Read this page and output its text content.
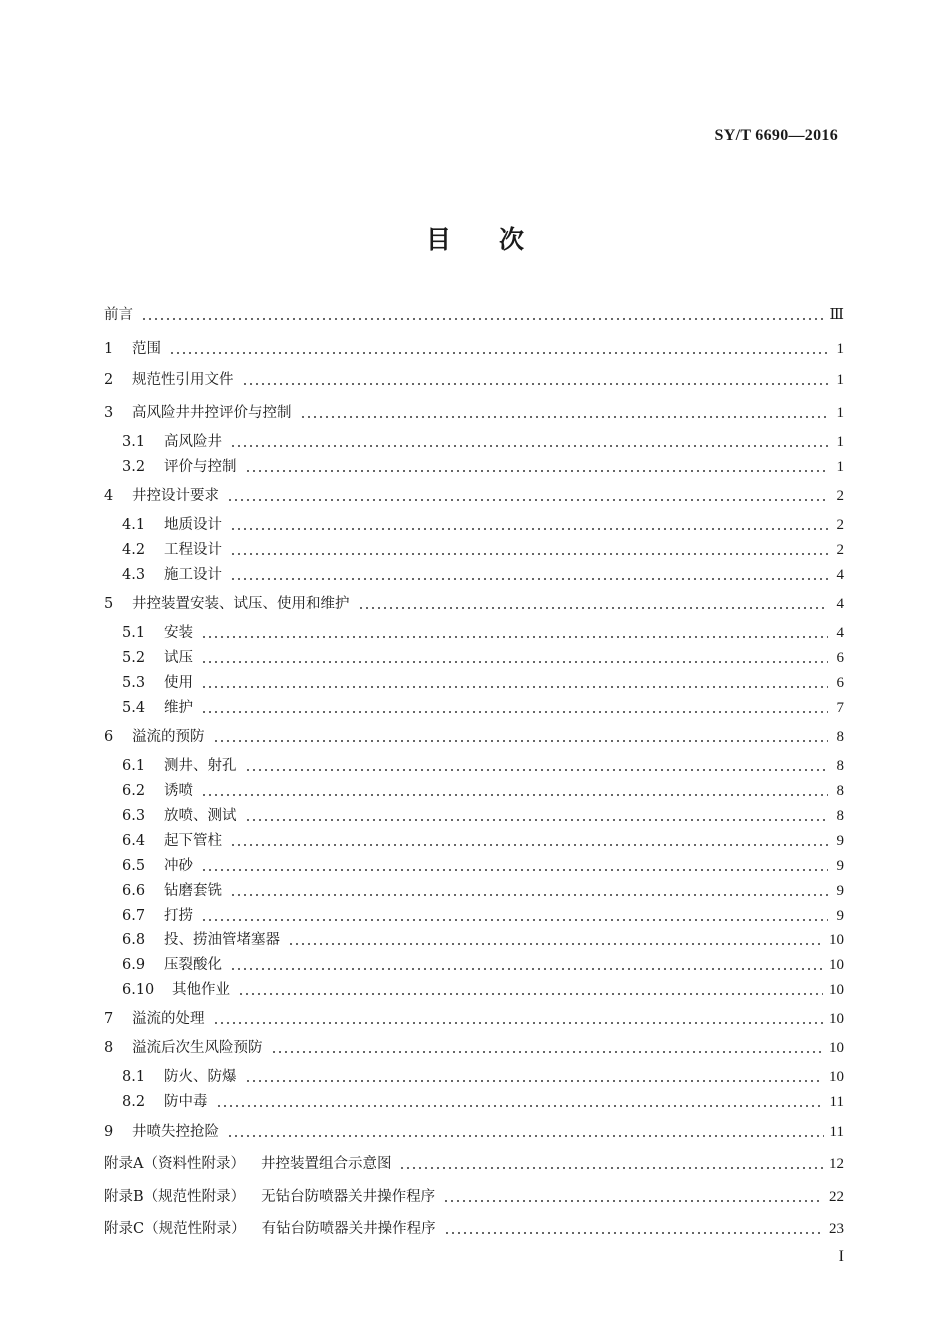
SY/T 6690—2016
目次
前言	Ⅲ
1	范围	1
2	规范性引用文件	1
3	高风险井井控评价与控制	1
3.1	高风险井	1
3.2	评价与控制	1
4	井控设计要求	2
4.1	地质设计	2
4.2	工程设计	2
4.3	施工设计	4
5	井控装置安装、试压、使用和维护	4
5.1	安装	4
5.2	试压	6
5.3	使用	6
5.4	维护	7
6	溢流的预防	8
6.1	测井、射孔	8
6.2	诱喷	8
6.3	放喷、测试	8
6.4	起下管柱	9
6.5	冲砂	9
6.6	钻磨套铣	9
6.7	打捞	9
6.8	投、捞油管堵塞器	10
6.9	压裂酸化	10
6.10	其他作业	10
7	溢流的处理	10
8	溢流后次生风险预防	10
8.1	防火、防爆	10
8.2	防中毒	11
9	井喷失控抢险	11
附录A（资料性附录）	井控装置组合示意图	12
附录B（规范性附录）	无钻台防喷器关井操作程序	22
附录C（规范性附录）	有钻台防喷器关井操作程序	23
I
